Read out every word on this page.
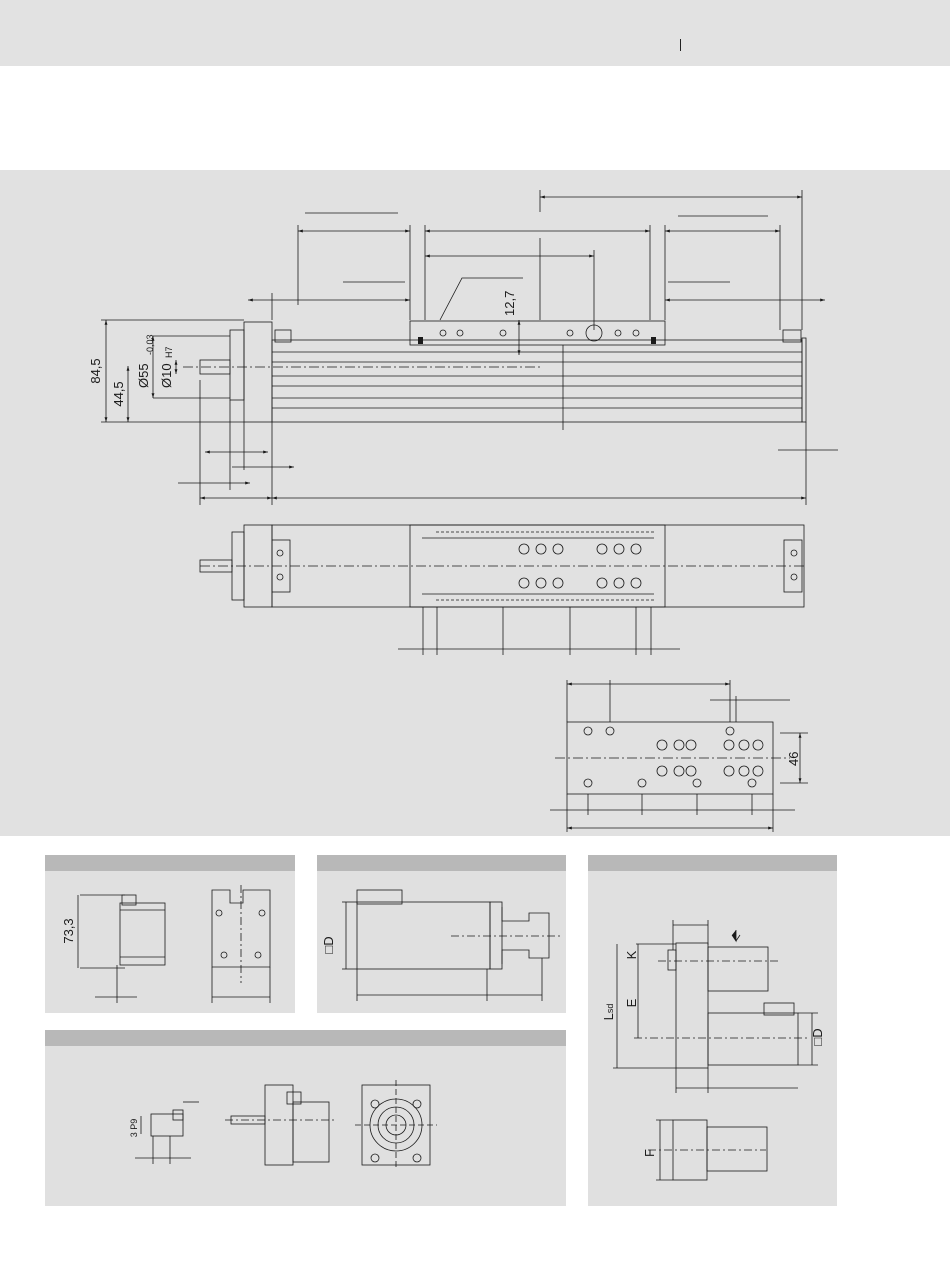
84,5
44,5
Ø55
-0,03
Ø10
H7
12,7
46
73,3
□D
3 P9
K
E
Lsd
□D
F
